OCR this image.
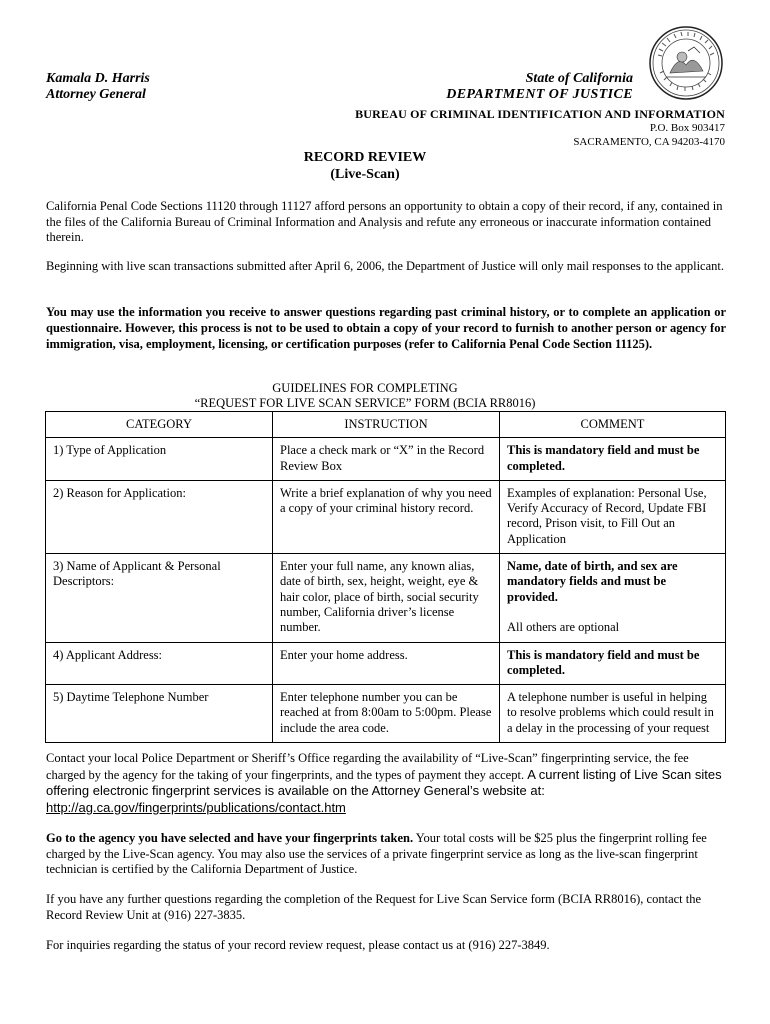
Kamala D. Harris
Attorney General
State of California
DEPARTMENT OF JUSTICE
BUREAU OF CRIMINAL IDENTIFICATION AND INFORMATION
P.O. Box 903417
SACRAMENTO, CA 94203-4170
RECORD REVIEW
(Live-Scan)

California Penal Code Sections 11120 through 11127 afford persons an opportunity to obtain a copy of their record, if any, contained in the files of the California Bureau of Criminal Information and Analysis and refute any erroneous or inaccurate information contained therein.

Beginning with live scan transactions submitted after April 6, 2006, the Department of Justice will only mail responses to the applicant.

You may use the information you receive to answer questions regarding past criminal history, or to complete an application or questionnaire. However, this process is not to be used to obtain a copy of your record to furnish to another person or agency for immigration, visa, employment, licensing, or certification purposes (refer to California Penal Code Section 11125).

GUIDELINES FOR COMPLETING
“REQUEST FOR LIVE SCAN SERVICE” FORM (BCIA RR8016)
CATEGORY	INSTRUCTION	COMMENT
1) Type of Application	Place a check mark or “X” in the Record Review Box	This is mandatory field and must be completed.

2) Reason for Application:	Write a brief explanation of why you need a copy of your criminal history record.	Examples of explanation: Personal Use, Verify Accuracy of Record, Update FBI record, Prison visit, to Fill Out an Application
3) Name of Applicant & Personal Descriptors:	Enter your full name, any known alias, date of birth, sex, height, weight, eye & hair color, place of birth, social security number, California driver’s license number.	Name, date of birth, and sex are mandatory fields and must be provided.
All others are optional

4) Applicant Address:	Enter your home address.	This is mandatory field and must be completed.

5) Daytime Telephone Number	Enter telephone number you can be reached at from 8:00am to 5:00pm. Please include the area code.	A telephone number is useful in helping to resolve problems which could result in a delay in the processing of your request

Contact your local Police Department or Sheriff’s Office regarding the availability of “Live-Scan” fingerprinting service, the fee charged by the agency for the taking of your fingerprints, and the types of payment they accept. A current listing of Live Scan sites offering electronic fingerprint services is available on the Attorney General’s website at:
http://ag.ca.gov/fingerprints/publications/contact.htm

Go to the agency you have selected and have your fingerprints taken. Your total costs will be $25 plus the fingerprint rolling fee charged by the Live-Scan agency. You may also use the services of a private fingerprint service as long as the live-scan fingerprint technician is certified by the California Department of Justice.

If you have any further questions regarding the completion of the Request for Live Scan Service form (BCIA RR8016), contact the Record Review Unit at (916) 227-3835.

For inquiries regarding the status of your record review request, please contact us at (916) 227-3849.
